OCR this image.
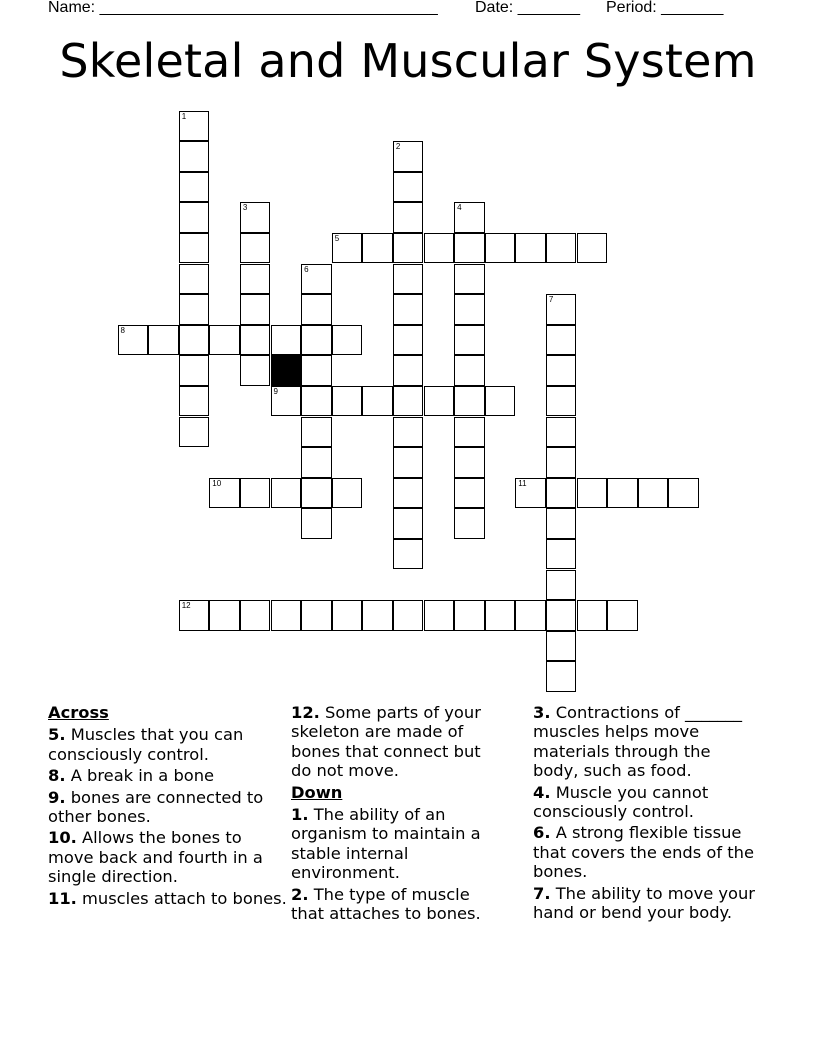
Name: ______________________________________ Date: _______ Period: _______
Skeletal and Muscular System
1
2
3	4
5
6
7
8
9
10	11
12
Across
5. Muscles that you can consciously control.
8. A break in a bone
9. bones are connected to other bones.
10. Allows the bones to move back and fourth in a single direction.
11. muscles attach to bones.
12. Some parts of your skeleton are made of bones that connect but do not move.
Down
1. The ability of an organism to maintain a stable internal environment.
2. The type of muscle that attaches to bones.
3. Contractions of _______ muscles helps move materials through the body, such as food.
4. Muscle you cannot consciously control.
6. A strong flexible tissue that covers the ends of the bones.
7. The ability to move your hand or bend your body.
